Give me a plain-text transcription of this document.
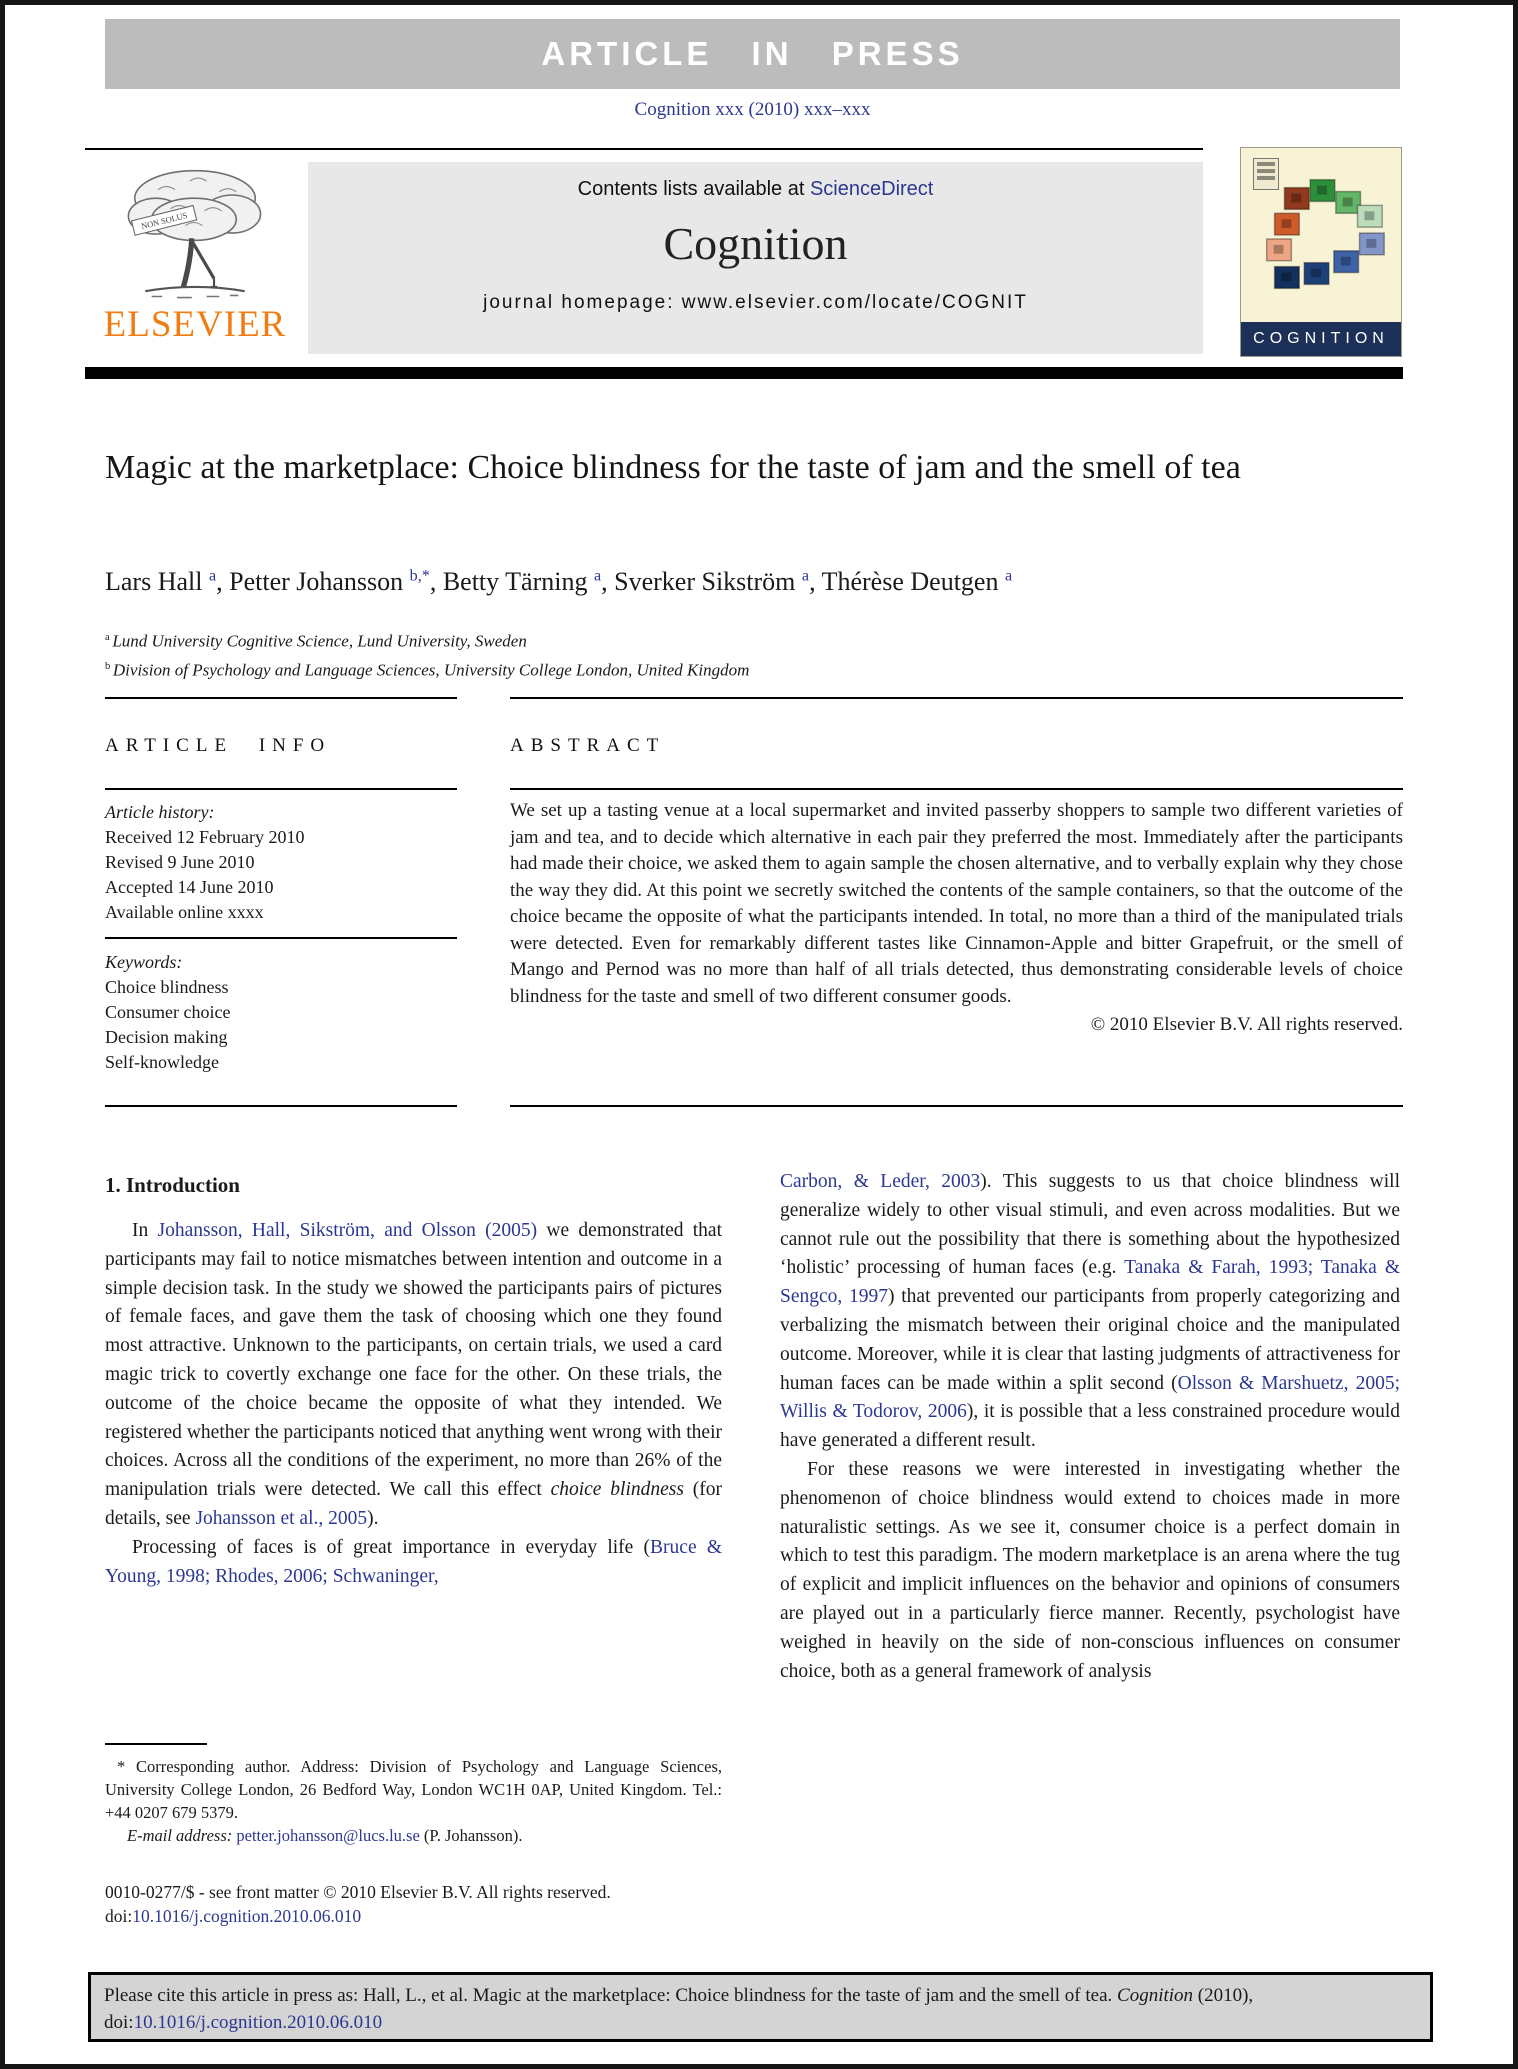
ARTICLE IN PRESS
Cognition xxx (2010) xxx–xxx
NON SOLUS
ELSEVIER
Contents lists available at ScienceDirect
Cognition
journal homepage: www.elsevier.com/locate/COGNIT
COGNITION
Magic at the marketplace: Choice blindness for the taste of jam and the smell of tea
Lars Hall $^a$, Petter Johansson $^{b,*}$, Betty Tärning $^a$, Sverker Sikström $^a$, Thérèse Deutgen $^a$
$^a$ Lund University Cognitive Science, Lund University, Sweden
$^b$ Division of Psychology and Language Sciences, University College London, United Kingdom
ARTICLE INFO	ABSTRACT
Article history:
Received 12 February 2010
Revised 9 June 2010
Accepted 14 June 2010
Available online xxxx
Keywords:
Choice blindness
Consumer choice
Decision making
Self-knowledge
We set up a tasting venue at a local supermarket and invited passerby shoppers to sample two different varieties of jam and tea, and to decide which alternative in each pair they preferred the most. Immediately after the participants had made their choice, we asked them to again sample the chosen alternative, and to verbally explain why they chose the way they did. At this point we secretly switched the contents of the sample containers, so that the outcome of the choice became the opposite of what the participants intended. In total, no more than a third of the manipulated trials were detected. Even for remarkably different tastes like Cinnamon-Apple and bitter Grapefruit, or the smell of Mango and Pernod was no more than half of all trials detected, thus demonstrating considerable levels of choice blindness for the taste and smell of two different consumer goods.
© 2010 Elsevier B.V. All rights reserved.
1. Introduction

In Johansson, Hall, Sikström, and Olsson (2005) we demonstrated that participants may fail to notice mismatches between intention and outcome in a simple decision task. In the study we showed the participants pairs of pictures of female faces, and gave them the task of choosing which one they found most attractive. Unknown to the participants, on certain trials, we used a card magic trick to covertly exchange one face for the other. On these trials, the outcome of the choice became the opposite of what they intended. We registered whether the participants noticed that anything went wrong with their choices. Across all the conditions of the experiment, no more than 26% of the manipulation trials were detected. We call this effect choice blindness (for details, see Johansson et al., 2005).

Processing of faces is of great importance in everyday life (Bruce & Young, 1998; Rhodes, 2006; Schwaninger,

Carbon, & Leder, 2003). This suggests to us that choice blindness will generalize widely to other visual stimuli, and even across modalities. But we cannot rule out the possibility that there is something about the hypothesized ‘holistic’ processing of human faces (e.g. Tanaka & Farah, 1993; Tanaka & Sengco, 1997) that prevented our participants from properly categorizing and verbalizing the mismatch between their original choice and the manipulated outcome. Moreover, while it is clear that lasting judgments of attractiveness for human faces can be made within a split second (Olsson & Marshuetz, 2005; Willis & Todorov, 2006), it is possible that a less constrained procedure would have generated a different result.

For these reasons we were interested in investigating whether the phenomenon of choice blindness would extend to choices made in more naturalistic settings. As we see it, consumer choice is a perfect domain in which to test this paradigm. The modern marketplace is an arena where the tug of explicit and implicit influences on the behavior and opinions of consumers are played out in a particularly fierce manner. Recently, psychologist have weighed in heavily on the side of non-conscious influences on consumer choice, both as a general framework of analysis

* Corresponding author. Address: Division of Psychology and Language Sciences, University College London, 26 Bedford Way, London WC1H 0AP, United Kingdom. Tel.: +44 0207 679 5379.

E-mail address: petter.johansson@lucs.lu.se (P. Johansson).

0010-0277/$ - see front matter © 2010 Elsevier B.V. All rights reserved.
doi:10.1016/j.cognition.2010.06.010
Please cite this article in press as: Hall, L., et al. Magic at the marketplace: Choice blindness for the taste of jam and the smell of tea. Cognition (2010), doi:10.1016/j.cognition.2010.06.010
